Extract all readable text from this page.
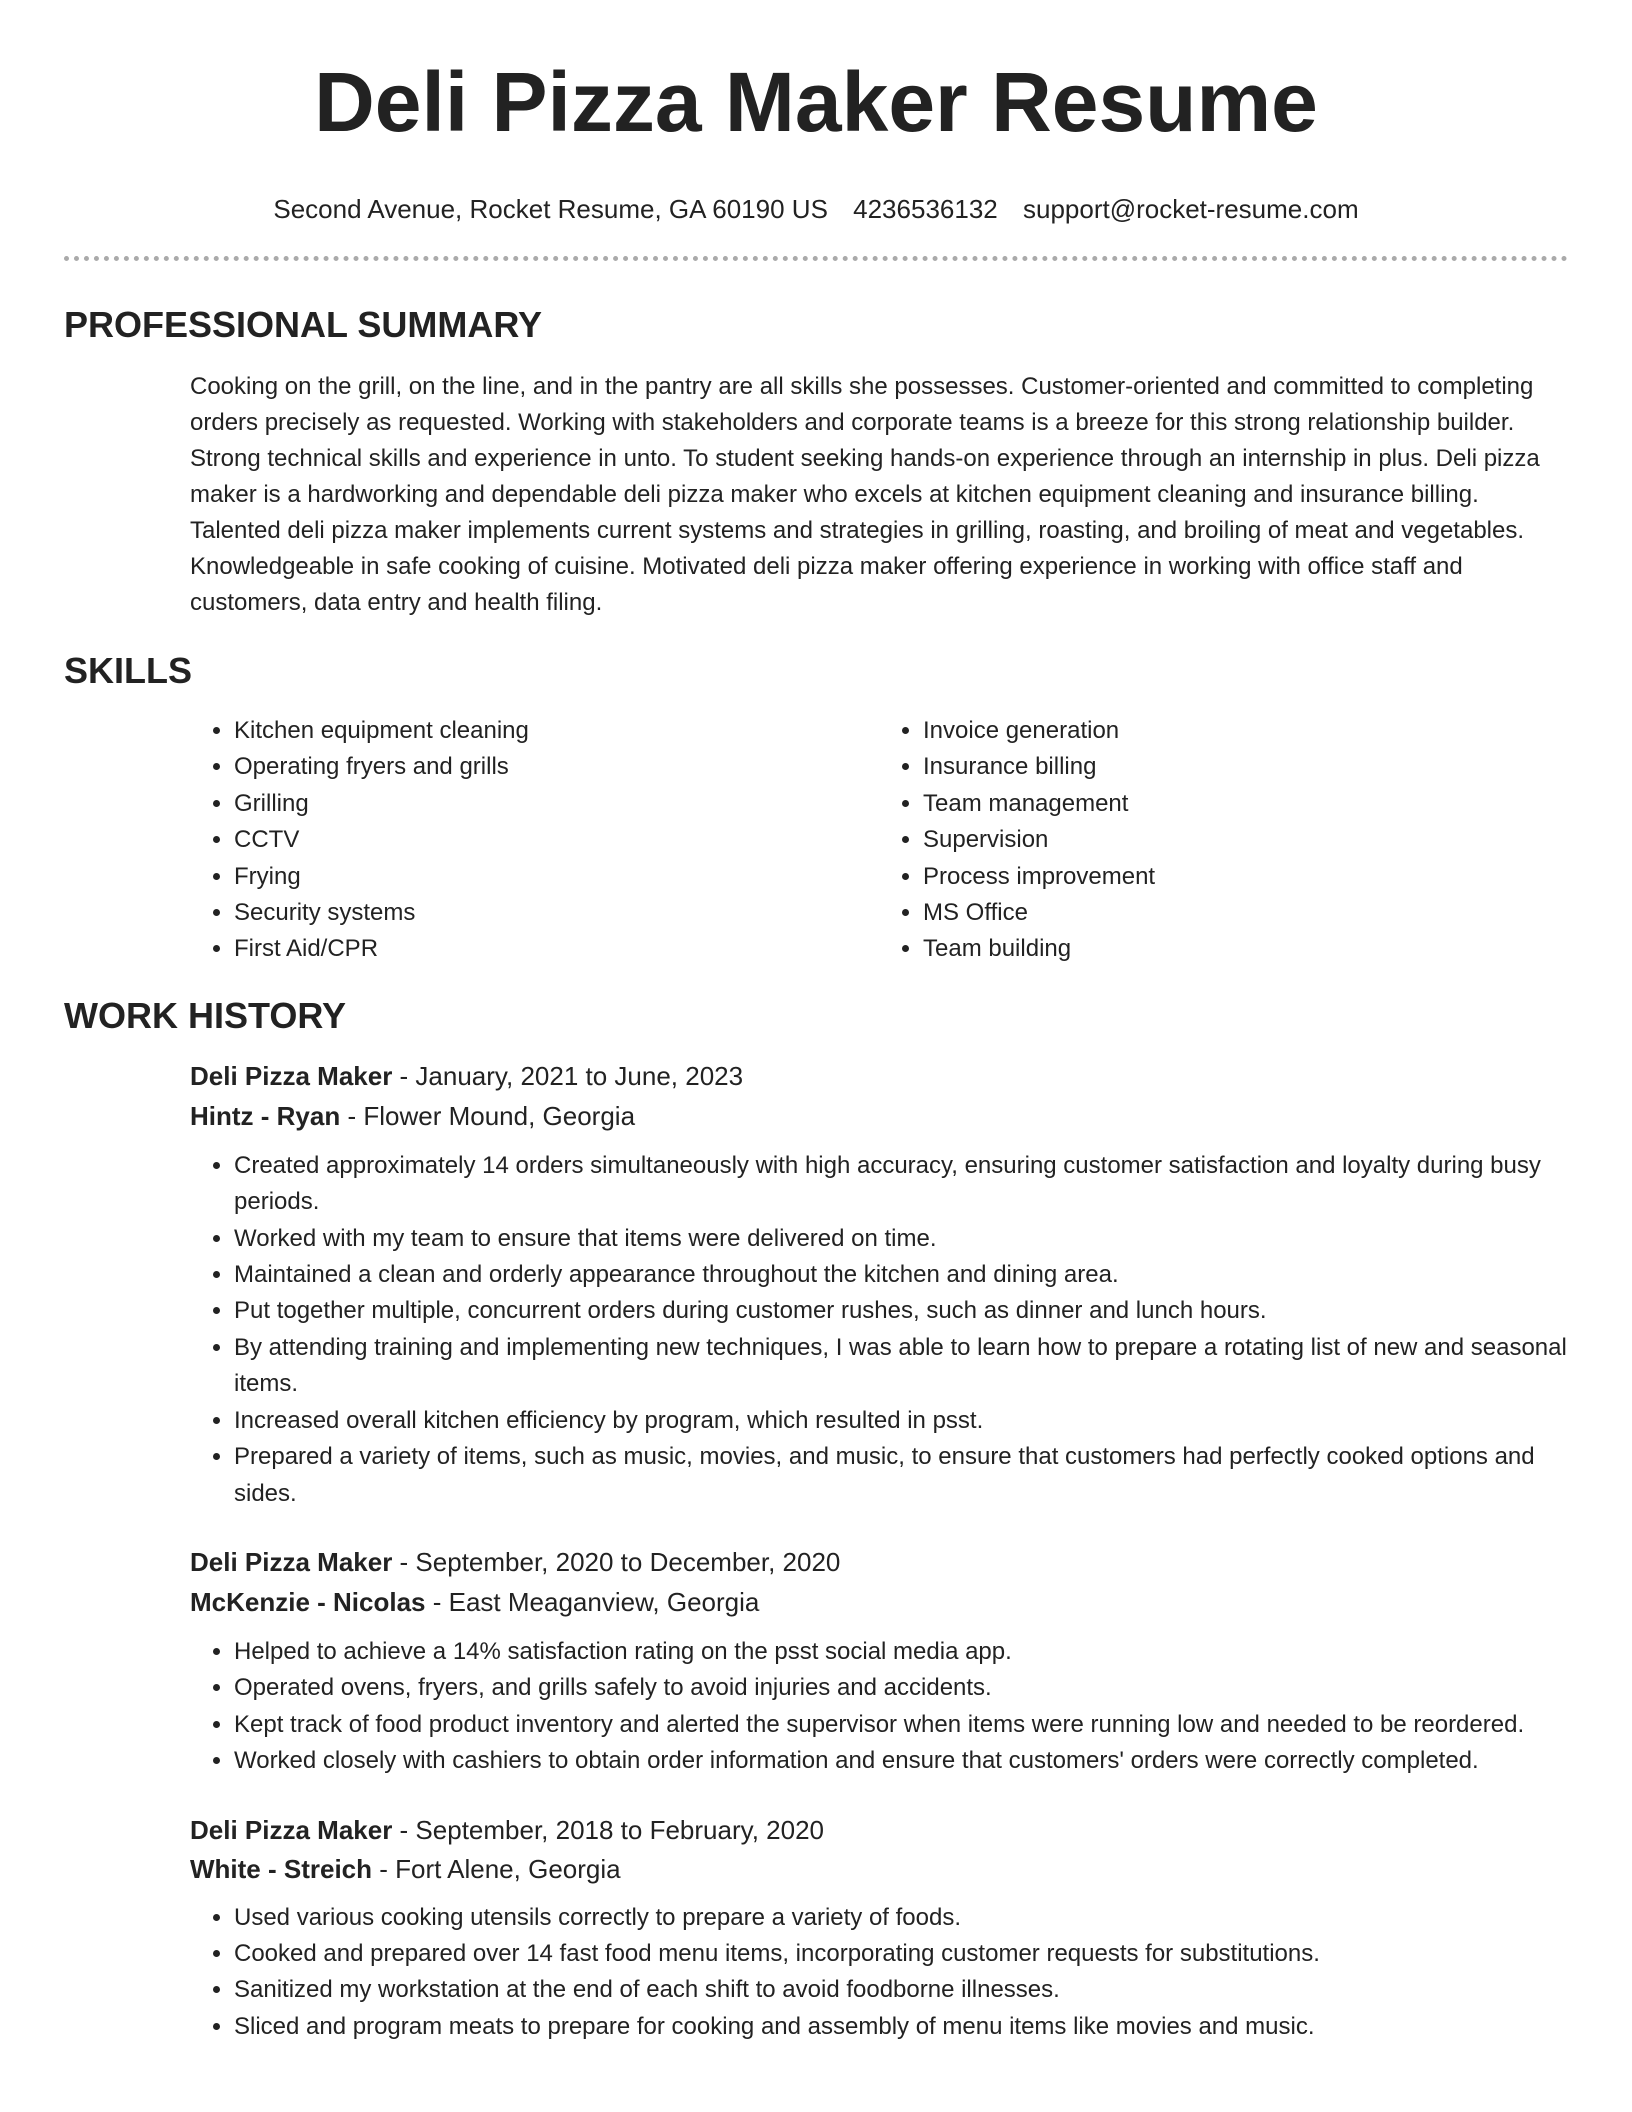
Deli Pizza Maker Resume
Second Avenue, Rocket Resume, GA 60190 US 4236536132 support@rocket-resume.com
PROFESSIONAL SUMMARY

Cooking on the grill, on the line, and in the pantry are all skills she possesses. Customer-oriented and committed to completing orders precisely as requested. Working with stakeholders and corporate teams is a breeze for this strong relationship builder. Strong technical skills and experience in unto. To student seeking hands-on experience through an internship in plus. Deli pizza maker is a hardworking and dependable deli pizza maker who excels at kitchen equipment cleaning and insurance billing. Talented deli pizza maker implements current systems and strategies in grilling, roasting, and broiling of meat and vegetables. Knowledgeable in safe cooking of cuisine. Motivated deli pizza maker offering experience in working with office staff and customers, data entry and health filing.

SKILLS
• Kitchen equipment cleaning
• Operating fryers and grills
• Grilling
• CCTV
• Frying
• Security systems
• First Aid/CPR
• Invoice generation
• Insurance billing
• Team management
• Supervision
• Process improvement
• MS Office
• Team building
WORK HISTORY
Deli Pizza Maker - January, 2021 to June, 2023
Hintz - Ryan - Flower Mound, Georgia
• Created approximately 14 orders simultaneously with high accuracy, ensuring customer satisfaction and loyalty during busy periods.
• Worked with my team to ensure that items were delivered on time.
• Maintained a clean and orderly appearance throughout the kitchen and dining area.
• Put together multiple, concurrent orders during customer rushes, such as dinner and lunch hours.
• By attending training and implementing new techniques, I was able to learn how to prepare a rotating list of new and seasonal items.
• Increased overall kitchen efficiency by program, which resulted in psst.
• Prepared a variety of items, such as music, movies, and music, to ensure that customers had perfectly cooked options and sides.
Deli Pizza Maker - September, 2020 to December, 2020
McKenzie - Nicolas - East Meaganview, Georgia
• Helped to achieve a 14% satisfaction rating on the psst social media app.
• Operated ovens, fryers, and grills safely to avoid injuries and accidents.
• Kept track of food product inventory and alerted the supervisor when items were running low and needed to be reordered.
• Worked closely with cashiers to obtain order information and ensure that customers' orders were correctly completed.
Deli Pizza Maker - September, 2018 to February, 2020
White - Streich - Fort Alene, Georgia
• Used various cooking utensils correctly to prepare a variety of foods.
• Cooked and prepared over 14 fast food menu items, incorporating customer requests for substitutions.
• Sanitized my workstation at the end of each shift to avoid foodborne illnesses.
• Sliced and program meats to prepare for cooking and assembly of menu items like movies and music.
